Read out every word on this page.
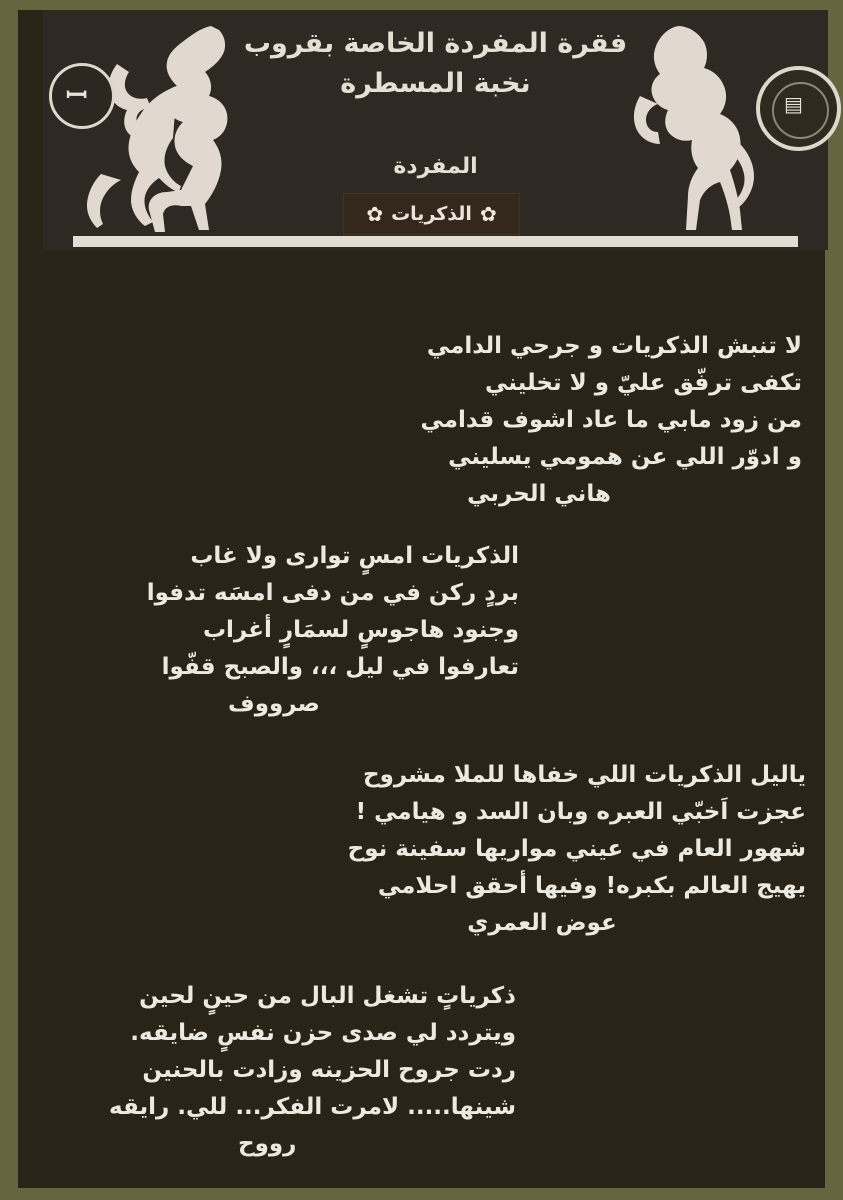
ꟷ	▤
فقرة المفردة الخاصة بقروب
نخبة المسطرة
المفردة
✿
الذكريات
✿
لا تنبش الذكريات و جرحي الدامي
تكفى ترفّق عليّ و لا تخليني
من زود مابي ما عاد اشوف قدامي
و ادوّر اللي عن همومي يسليني
هاني الحربي
الذكريات امسٍ توارى ولا غاب
بردٍ ركن في من دفى امسَه تدفوا
وجنود هاجوسٍ لسمَارٍ أغراب
تعارفوا في ليل ،،، والصبح قفّوا
صرووف
ياليل الذكريات اللي خفاها للملا مشروح
عجزت اَخبّي العبره وبان السد و هيامي !
شهور العام في عيني مواريها سفينة نوح
يهيج العالم بكبره! وفيها أحقق احلامي
عوض العمري
ذكرياتٍ تشغل البال من حينٍ لحين
ويتردد لي صدى حزن نفسٍ ضايقه.
ردت جروح الحزينه وزادت بالحنين
شينها..... لامرت الفكر... للي. رايقه
رووح
